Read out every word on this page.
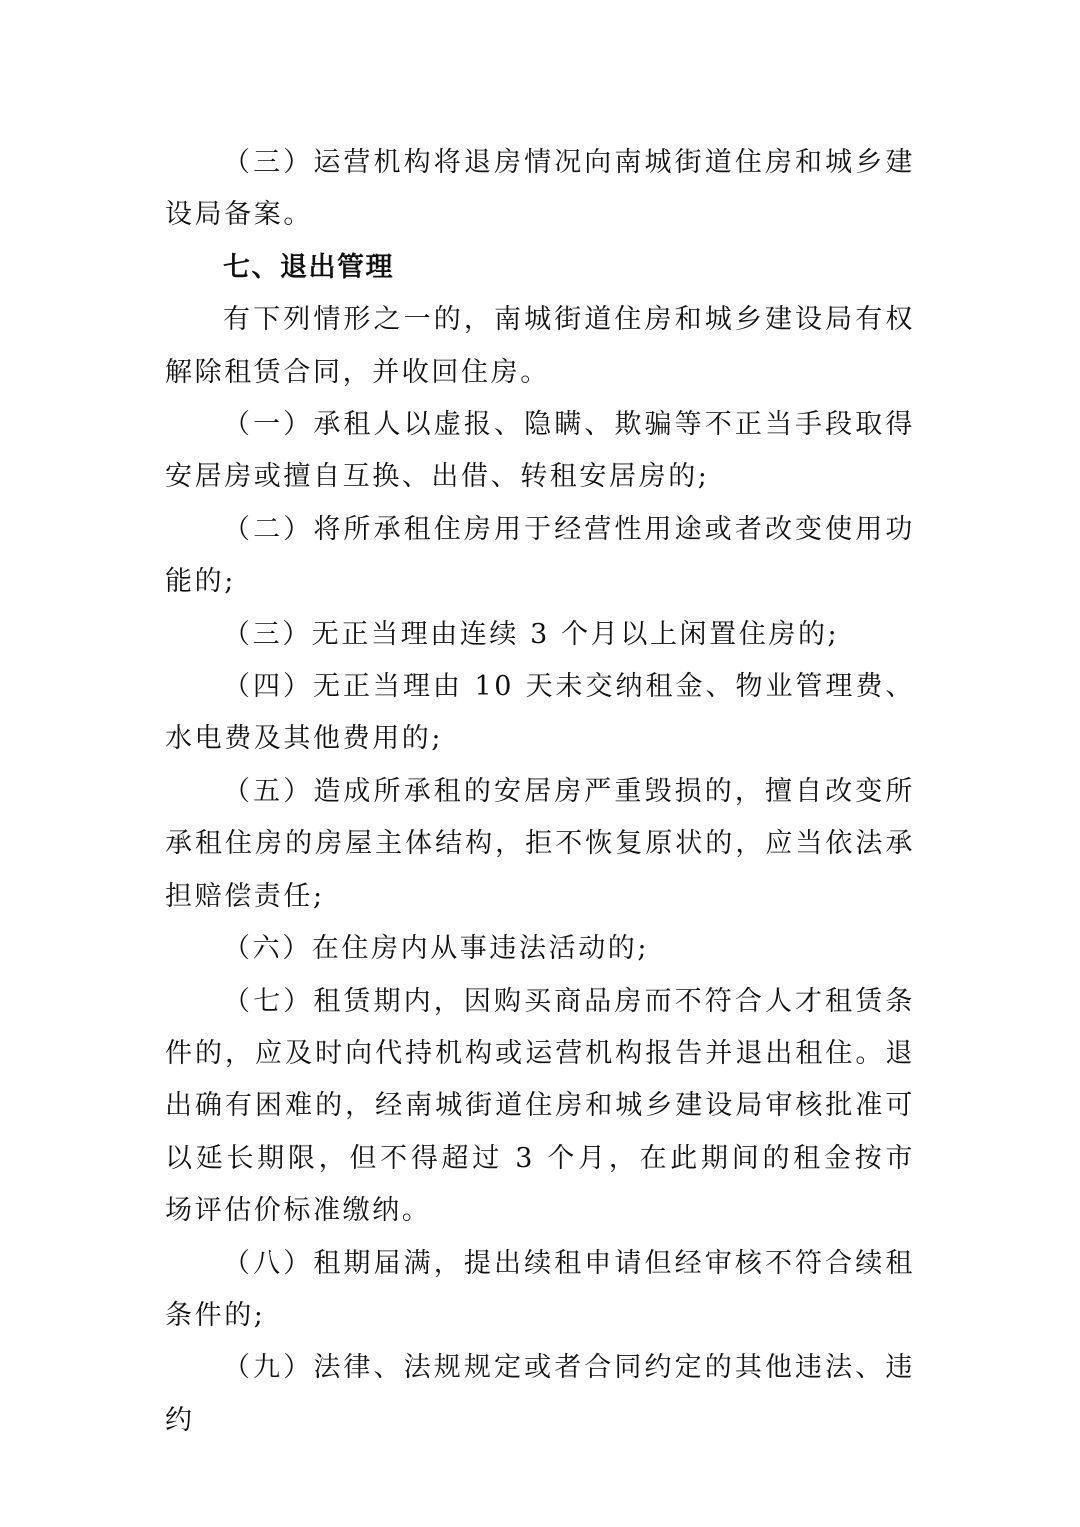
（三）运营机构将退房情况向南城街道住房和城乡建设局备案。

七、退出管理

有下列情形之一的，南城街道住房和城乡建设局有权解除租赁合同，并收回住房。

（一）承租人以虚报、隐瞒、欺骗等不正当手段取得安居房或擅自互换、出借、转租安居房的;

（二）将所承租住房用于经营性用途或者改变使用功能的;

（三）无正当理由连续 3 个月以上闲置住房的;

（四）无正当理由 10 天未交纳租金、物业管理费、水电费及其他费用的;

（五）造成所承租的安居房严重毁损的，擅自改变所承租住房的房屋主体结构，拒不恢复原状的，应当依法承担赔偿责任;

（六）在住房内从事违法活动的;

（七）租赁期内，因购买商品房而不符合人才租赁条件的，应及时向代持机构或运营机构报告并退出租住。退出确有困难的，经南城街道住房和城乡建设局审核批准可以延长期限，但不得超过 3 个月，在此期间的租金按市场评估价标准缴纳。

（八）租期届满，提出续租申请但经审核不符合续租条件的;

（九）法律、法规规定或者合同约定的其他违法、违约
